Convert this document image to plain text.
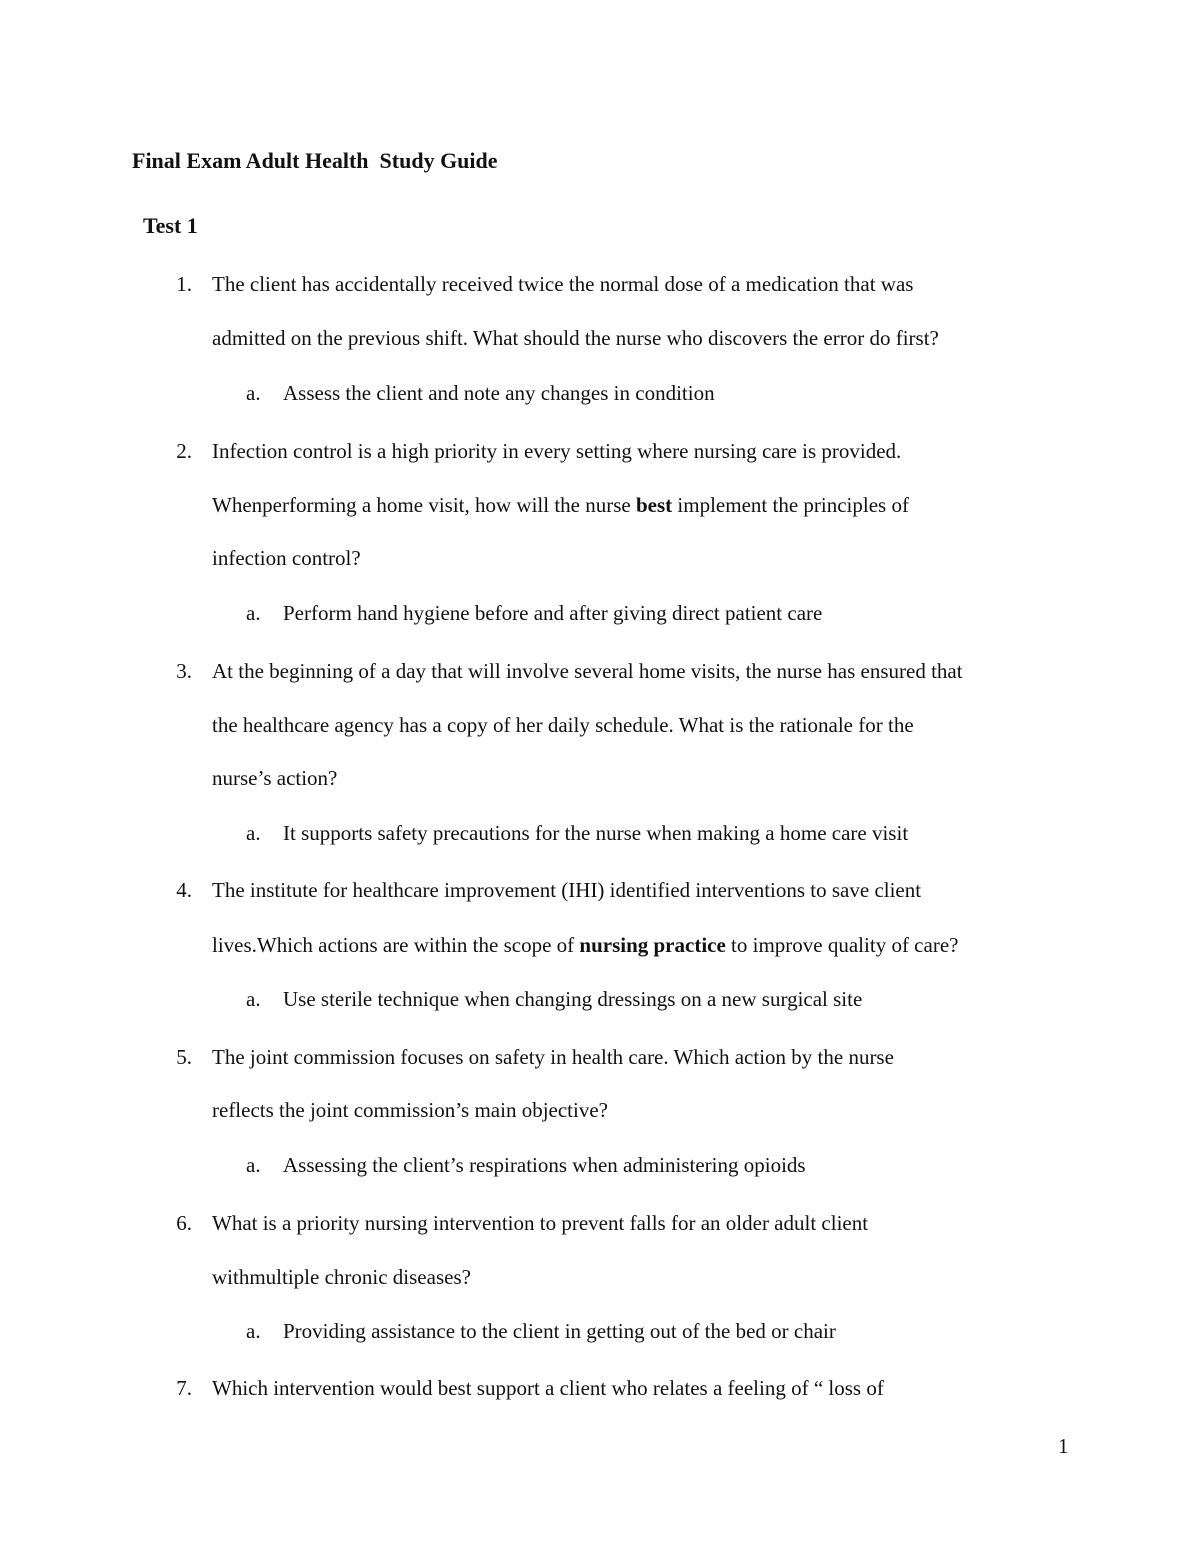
Final Exam Adult Health  Study Guide
Test 1
1. The client has accidentally received twice the normal dose of a medication that was
admitted on the previous shift. What should the nurse who discovers the error do first?
a. Assess the client and note any changes in condition
2. Infection control is a high priority in every setting where nursing care is provided.
Whenperforming a home visit, how will the nurse best implement the principles of
infection control?
a. Perform hand hygiene before and after giving direct patient care
3. At the beginning of a day that will involve several home visits, the nurse has ensured that
the healthcare agency has a copy of her daily schedule. What is the rationale for the
nurse’s action?
a. It supports safety precautions for the nurse when making a home care visit
4. The institute for healthcare improvement (IHI) identified interventions to save client
lives.Which actions are within the scope of nursing practice to improve quality of care?
a. Use sterile technique when changing dressings on a new surgical site
5. The joint commission focuses on safety in health care. Which action by the nurse
reflects the joint commission’s main objective?
a. Assessing the client’s respirations when administering opioids
6. What is a priority nursing intervention to prevent falls for an older adult client
withmultiple chronic diseases?
a. Providing assistance to the client in getting out of the bed or chair
7. Which intervention would best support a client who relates a feeling of “ loss of
1
